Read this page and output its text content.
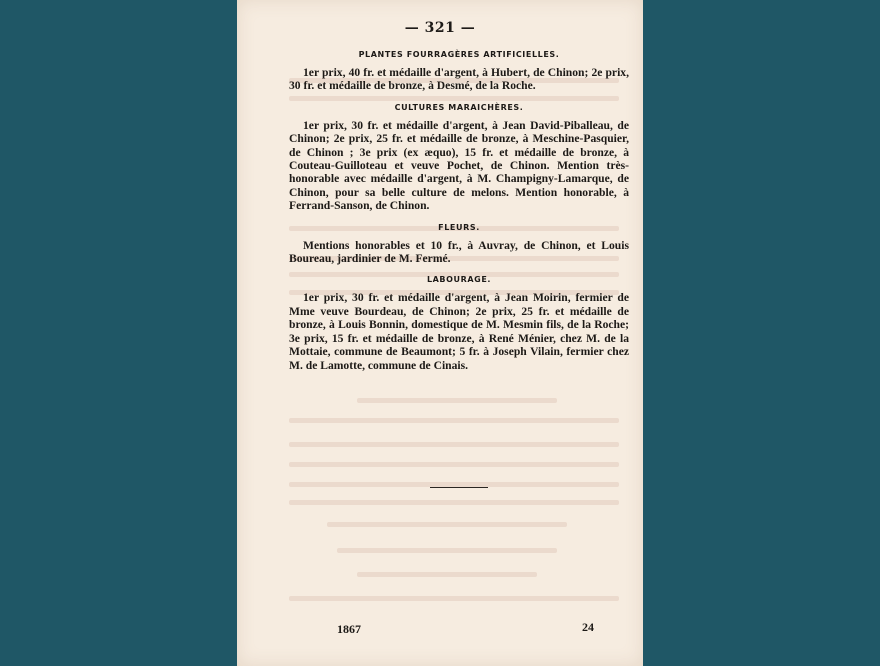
— 321 —
PLANTES FOURRAGÈRES ARTIFICIELLES.
1er prix, 40 fr. et médaille d'argent, à Hubert, de Chinon; 2e prix, 30 fr. et médaille de bronze, à Desmé, de la Roche.
CULTURES MARAICHÈRES.
1er prix, 30 fr. et médaille d'argent, à Jean David-Piballeau, de Chinon; 2e prix, 25 fr. et médaille de bronze, à Meschine-Pasquier, de Chinon ; 3e prix (ex æquo), 15 fr. et médaille de bronze, à Couteau-Guilloteau et veuve Pochet, de Chinon. Mention très-honorable avec médaille d'argent, à M. Champigny-Lamarque, de Chinon, pour sa belle culture de melons. Mention honorable, à Ferrand-Sanson, de Chinon.
FLEURS.
Mentions honorables et 10 fr., à Auvray, de Chinon, et Louis Boureau, jardinier de M. Fermé.
LABOURAGE.
1er prix, 30 fr. et médaille d'argent, à Jean Moirin, fermier de Mme veuve Bourdeau, de Chinon; 2e prix, 25 fr. et médaille de bronze, à Louis Bonnin, domestique de M. Mesmin fils, de la Roche; 3e prix, 15 fr. et médaille de bronze, à René Ménier, chez M. de la Mottaie, commune de Beaumont; 5 fr. à Joseph Vilain, fermier chez M. de Lamotte, commune de Cinais.
1867	24
